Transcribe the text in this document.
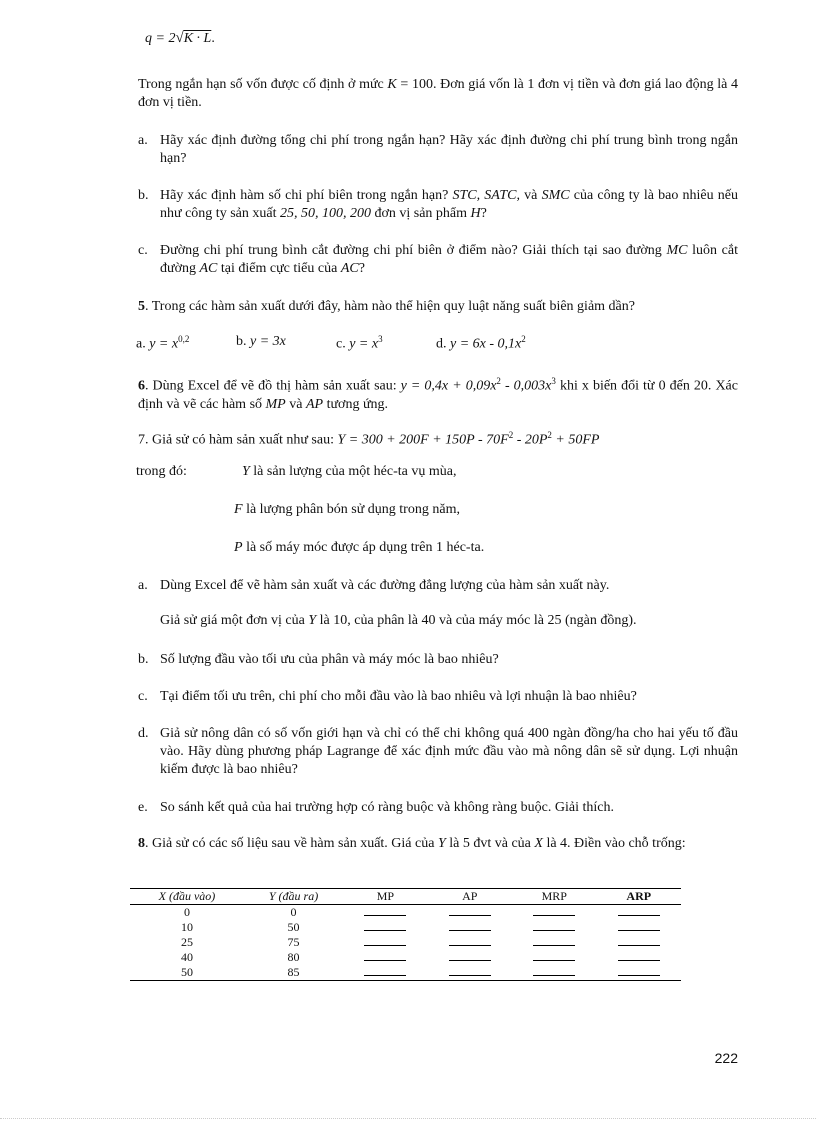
q = 2√K · L.
Trong ngắn hạn số vốn được cố định ở mức K = 100. Đơn giá vốn là 1 đơn vị tiền và đơn giá lao động là 4 đơn vị tiền.
a. Hãy xác định đường tổng chi phí trong ngắn hạn? Hãy xác định đường chi phí trung bình trong ngắn hạn?
b. Hãy xác định hàm số chi phí biên trong ngắn hạn? STC, SATC, và SMC của công ty là bao nhiêu nếu như công ty sản xuất 25, 50, 100, 200 đơn vị sản phẩm H?
c. Đường chi phí trung bình cắt đường chi phí biên ở điểm nào? Giải thích tại sao đường MC luôn cắt đường AC tại điểm cực tiểu của AC?
5. Trong các hàm sản xuất dưới đây, hàm nào thể hiện quy luật năng suất biên giảm dần?
a. $y = x^{0,2}$	b. y = 3x	c. $y = x^3$	d. $y = 6x - 0,1x^2$
6. Dùng Excel để vẽ đồ thị hàm sản xuất sau: $y = 0,4x + 0,09x^2 - 0,003x^3$ khi x biến đổi từ 0 đến 20. Xác định và vẽ các hàm số MP và AP tương ứng.
7. Giả sử có hàm sản xuất như sau: $Y = 300 + 200F + 150P - 70F^2 - 20P^2 + 50FP$
trong đó:	Y là sản lượng của một héc-ta vụ mùa,
F là lượng phân bón sử dụng trong năm,
P là số máy móc được áp dụng trên 1 héc-ta.
a. Dùng Excel để vẽ hàm sản xuất và các đường đẳng lượng của hàm sản xuất này.
Giả sử giá một đơn vị của Y là 10, của phân là 40 và của máy móc là 25 (ngàn đồng).
b. Số lượng đầu vào tối ưu của phân và máy móc là bao nhiêu?
c. Tại điểm tối ưu trên, chi phí cho mỗi đầu vào là bao nhiêu và lợi nhuận là bao nhiêu?
d. Giả sử nông dân có số vốn giới hạn và chỉ có thể chi không quá 400 ngàn đồng/ha cho hai yếu tố đầu vào. Hãy dùng phương pháp Lagrange để xác định mức đầu vào mà nông dân sẽ sử dụng. Lợi nhuận kiếm được là bao nhiêu?
e. So sánh kết quả của hai trường hợp có ràng buộc và không ràng buộc. Giải thích.
8. Giả sử có các số liệu sau về hàm sản xuất. Giá của Y là 5 đvt và của X là 4. Điền vào chỗ trống:
X (đầu vào)	Y (đầu ra)	MP	AP	MRP	ARP
0	0				
10	50				
25	75				
40	80				
50	85				
222
